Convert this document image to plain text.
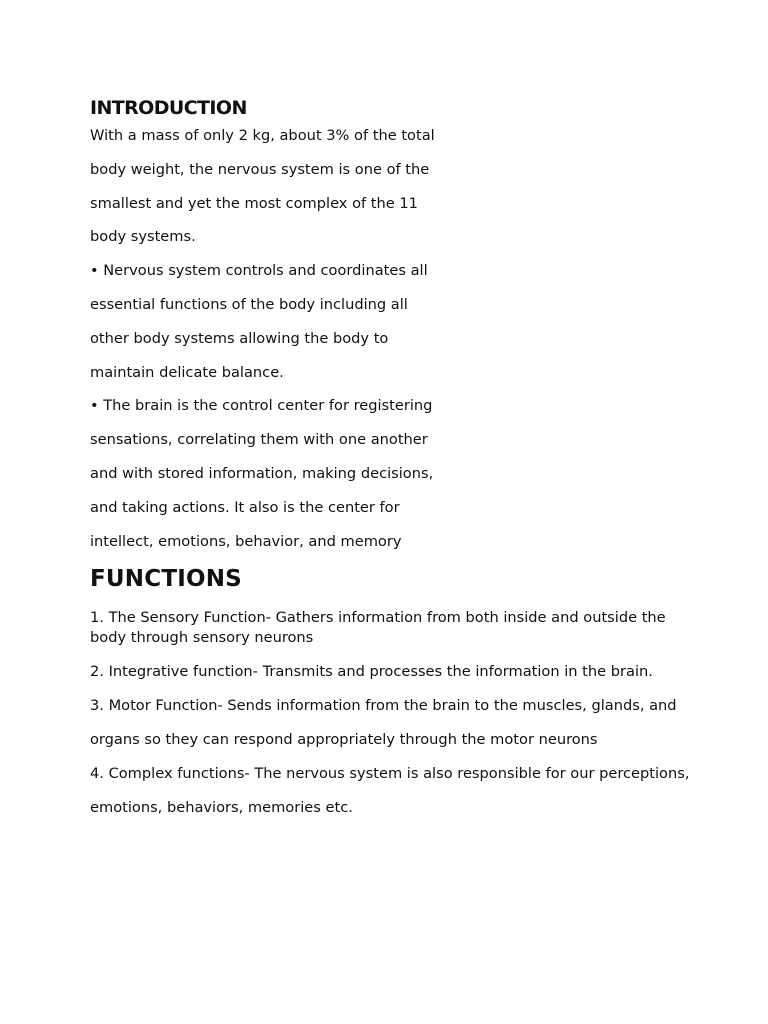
INTRODUCTION

With a mass of only 2 kg, about 3% of the total

body weight, the nervous system is one of the

smallest and yet the most complex of the 11

body systems.

• Nervous system controls and coordinates all

essential functions of the body including all

other body systems allowing the body to

maintain delicate balance.

• The brain is the control center for registering

sensations, correlating them with one another

and with stored information, making decisions,

and taking actions. It also is the center for

intellect, emotions, behavior, and memory

FUNCTIONS

1. The Sensory Function- Gathers information from both inside and outside the body through sensory neurons

2. Integrative function- Transmits and processes the information in the brain.

3. Motor Function- Sends information from the brain to the muscles, glands, and

organs so they can respond appropriately through the motor neurons

4. Complex functions- The nervous system is also responsible for our perceptions,

emotions, behaviors, memories etc.
